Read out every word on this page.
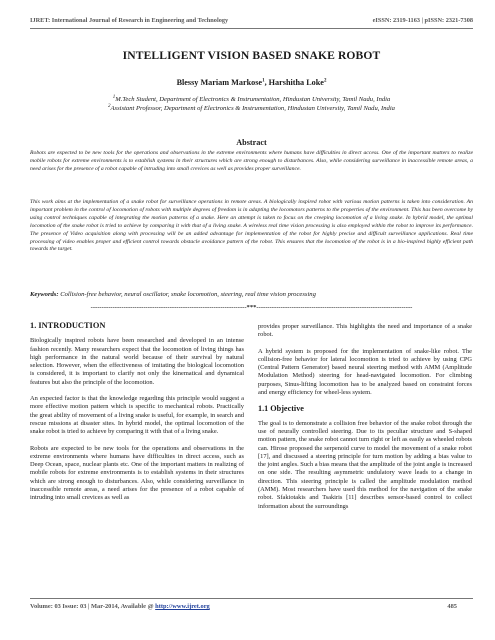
IJRET: International Journal of Research in Engineering and Technology	eISSN: 2319-1163 | pISSN: 2321-7308
INTELLIGENT VISION BASED SNAKE ROBOT
Blessy Mariam Markose$^1$, Harshitha Loke$^2$
$^1$M.Tech Student, Department of Electronics & Instrumentation, Hindustan University, Tamil Nadu, India
$^2$Assistant Professor, Department of Electronics & Instrumentation, Hindustan University, Tamil Nadu, India
Abstract
Robots are expected to be new tools for the operations and observations in the extreme environments where humans have difficulties in direct access. One of the important matters to realize mobile robots for extreme environments is to establish systems in their structures which are strong enough to disturbances. Also, while considering surveillance in inaccessible remote areas, a need arises for the presence of a robot capable of intruding into small crevices as well as provides proper surveillance.
This work aims at the implementation of a snake robot for surveillance operations in remote areas. A biologically inspired robot with various motion patterns is taken into consideration. An important problem in the control of locomotion of robots with multiple degrees of freedom is in adapting the locomotors patterns to the properties of the environment. This has been overcome by using control techniques capable of integrating the motion patterns of a snake. Here an attempt is taken to focus on the creeping locomotion of a living snake. In hybrid model, the optimal locomotion of the snake robot is tried to achieve by comparing it with that of a living snake. A wireless real time vision processing is also employed within the robot to improve its performance. The presence of Video acquisition along with processing will be an added advantage for implementation of the robot for highly precise and difficult surveillance applications. Real time processing of video enables proper and efficient control towards obstacle avoidance pattern of the robot. This ensures that the locomotion of the robot is in a bio-inspired highly efficient path towards the target.
Keywords: Collision-free behavior, neural oscillator, snake locomotion, steering, real time vision processing
-----------------------------------------------------------------------***-----------------------------------------------------------------------
1. INTRODUCTION

Biologically inspired robots have been researched and developed in an intense fashion recently. Many researchers expect that the locomotion of living things has high performance in the natural world because of their survival by natural selection. However, when the effectiveness of imitating the biological locomotion is considered, it is important to clarify not only the kinematical and dynamical features but also the principle of the locomotion.

An expected factor is that the knowledge regarding this principle would suggest a more effective motion pattern which is specific to mechanical robots. Practically the great ability of movement of a living snake is useful, for example, in search and rescue missions at disaster sites. In hybrid model, the optimal locomotion of the snake robot is tried to achieve by comparing it with that of a living snake.

Robots are expected to be new tools for the operations and observations in the extreme environments where humans have difficulties in direct access, such as Deep Ocean, space, nuclear plants etc. One of the important matters in realizing of mobile robots for extreme environments is to establish systems in their structures which are strong enough to disturbances. Also, while considering surveillance in inaccessible remote areas, a need arises for the presence of a robot capable of intruding into small crevices as well as

provides proper surveillance. This highlights the need and importance of a snake robot.

A hybrid system is proposed for the implementation of snake-like robot. The collision-free behavior for lateral locomotion is tried to achieve by using CPG (Central Pattern Generator) based neural steering method with AMM (Amplitude Modulation Method) steering for head-navigated locomotion. For climbing purposes, Sinus-lifting locomotion has to be analyzed based on constraint forces and energy efficiency for wheel-less system.

1.1 Objective

The goal is to demonstrate a collision free behavior of the snake robot through the use of neurally controlled steering. Due to its peculiar structure and S-shaped motion pattern, the snake robot cannot turn right or left as easily as wheeled robots can. Hirose proposed the serpenoid curve to model the movement of a snake robot [17], and discussed a steering principle for turn motion by adding a bias value to the joint angles. Such a bias means that the amplitude of the joint angle is increased on one side. The resulting asymmetric undulatory wave leads to a change in direction. This steering principle is called the amplitude modulation method (AMM). Most researchers have used this method for the navigation of the snake robot. Sfakiotakis and Tsakiris [11] describes sensor-based control to collect information about the surroundings

Volume: 03 Issue: 03 | Mar-2014, Available @ http://www.ijret.org	485
